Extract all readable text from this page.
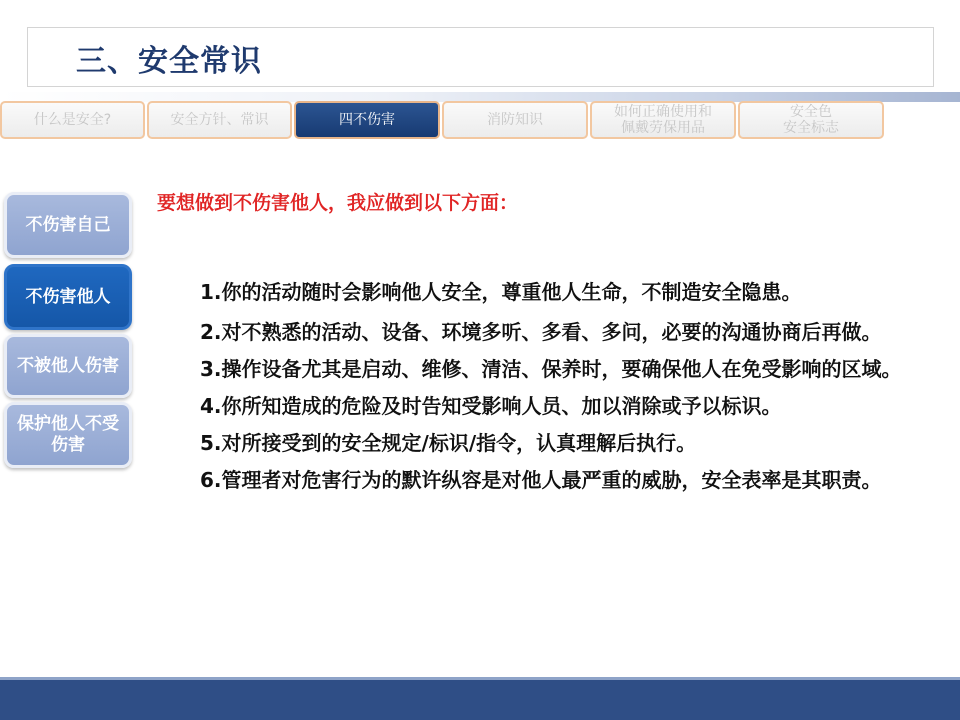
三、安全常识
什么是安全?	安全方针、常识	四不伤害	消防知识	如何正确使用和
佩戴劳保用品
安全色
安全标志
不伤害自己
不伤害他人
不被他人伤害
保护他人不受
伤害
要想做到不伤害他人，我应做到以下方面：

1.你的活动随时会影响他人安全，尊重他人生命，不制造安全隐患。

2.对不熟悉的活动、设备、环境多听、多看、多问，必要的沟通协商后再做。

3.操作设备尤其是启动、维修、清洁、保养时，要确保他人在免受影响的区域。

4.你所知造成的危险及时告知受影响人员、加以消除或予以标识。

5.对所接受到的安全规定/标识/指令，认真理解后执行。

6.管理者对危害行为的默许纵容是对他人最严重的威胁，安全表率是其职责。
